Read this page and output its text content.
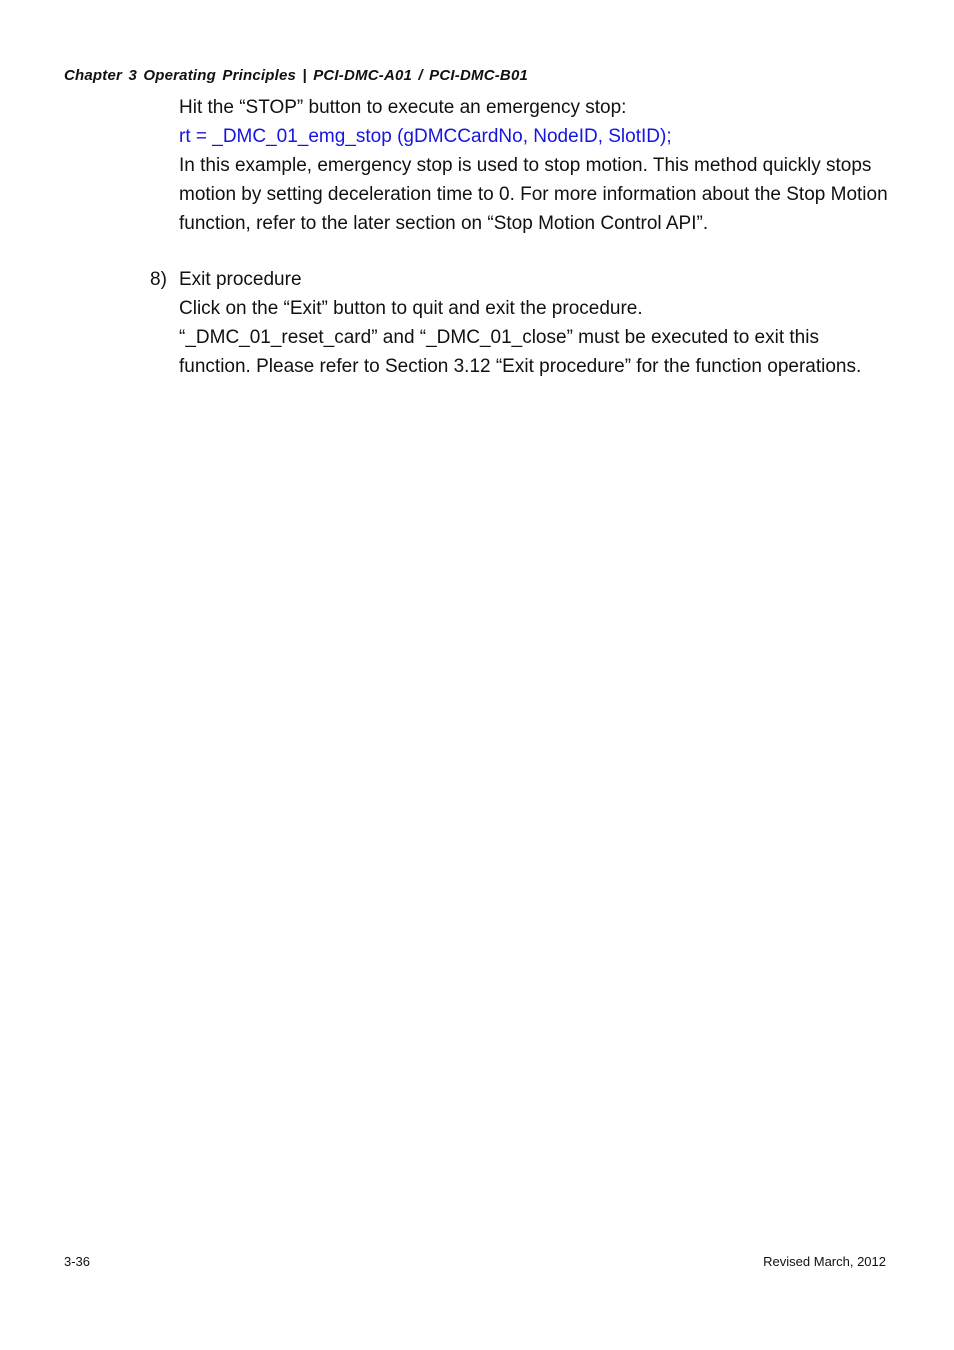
Chapter 3 Operating Principles | PCI-DMC-A01 / PCI-DMC-B01
Hit the “STOP” button to execute an emergency stop:
rt = _DMC_01_emg_stop (gDMCCardNo, NodeID, SlotID);
In this example, emergency stop is used to stop motion. This method quickly stops
motion by setting deceleration time to 0. For more information about the Stop Motion
function, refer to the later section on “Stop Motion Control API”.
8) Exit procedure
Click on the “Exit” button to quit and exit the procedure.
“_DMC_01_reset_card” and “_DMC_01_close” must be executed to exit this
function. Please refer to Section 3.12 “Exit procedure” for the function operations.
3-36	Revised March, 2012
